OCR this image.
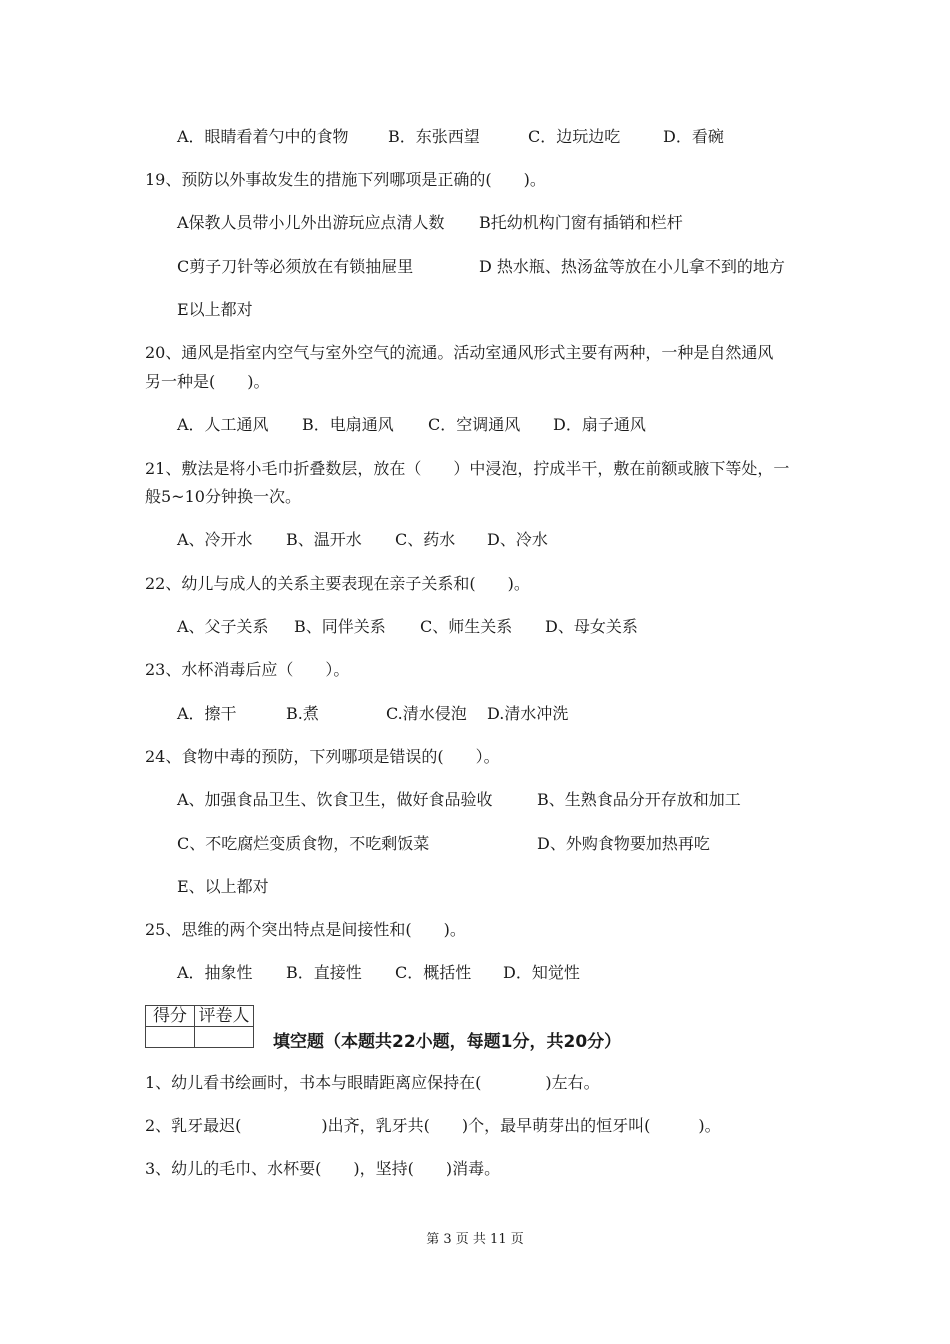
A．眼睛看着勺中的食物 B．东张西望	C．边玩边吃	D．看碗
19、预防以外事故发生的措施下列哪项是正确的(　　)。
A保教人员带小儿外出游玩应点清人数 B托幼机构门窗有插销和栏杆
C剪子刀针等必须放在有锁抽屉里	D 热水瓶、热汤盆等放在小儿拿不到的地方
E以上都对
20、通风是指室内空气与室外空气的流通。活动室通风形式主要有两种，一种是自然通风
另一种是(　　)。
A．人工通风 B．电扇通风 C．空调通风 D．扇子通风
21、敷法是将小毛巾折叠数层，放在（　　）中浸泡，拧成半干，敷在前额或腋下等处，一
般5~10分钟换一次。
A、冷开水 B、温开水 C、药水 D、冷水
22、幼儿与成人的关系主要表现在亲子关系和(　　)。
A、父子关系 B、同伴关系 C、师生关系 D、母女关系
23、水杯消毒后应（　　）。
A．擦干	B.煮	C.清水侵泡 D.清水冲洗
24、食物中毒的预防，下列哪项是错误的(　　）。
A、加强食品卫生、饮食卫生，做好食品验收	B、生熟食品分开存放和加工
C、不吃腐烂变质食物，不吃剩饭菜	D、外购食物要加热再吃
E、以上都对
25、思维的两个突出特点是间接性和(　　)。
A．抽象性 B．直接性 C．概括性 D．知觉性
得分	评卷人

填空题（本题共22小题，每题1分，共20分）
1、幼儿看书绘画时，书本与眼睛距离应保持在(　　　　)左右。
2、乳牙最迟(　　　　　)出齐，乳牙共(　　)个，最早萌芽出的恒牙叫(　　　)。
3、幼儿的毛巾、水杯要(　　)，坚持(　　)消毒。
第 3 页 共 11 页
